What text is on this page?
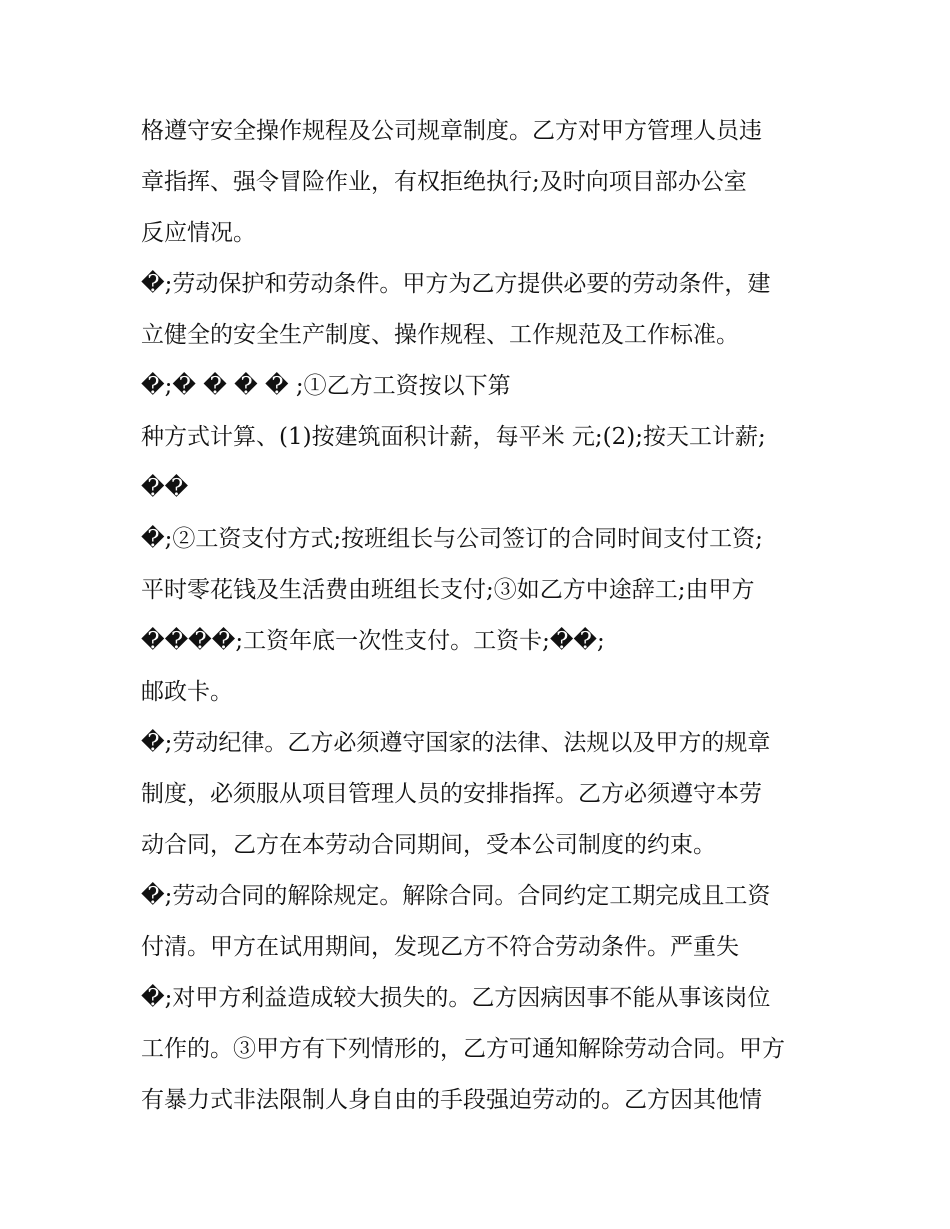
格遵守安全操作规程及公司规章制度。乙方对甲方管理人员违
章指挥、强令冒险作业，有权拒绝执行;及时向项目部办公室
反应情况。
�;劳动保护和劳动条件。甲方为乙方提供必要的劳动条件，建
立健全的安全生产制度、操作规程、工作规范及工作标准。
�;� � � � ;①乙方工资按以下第
种方式计算、(1)按建筑面积计薪，每平米 元;(2);按天工计薪;
��
�;②工资支付方式;按班组长与公司签订的合同时间支付工资;
平时零花钱及生活费由班组长支付;③如乙方中途辞工;由甲方
����;工资年底一次性支付。工资卡;��;
邮政卡。
�;劳动纪律。乙方必须遵守国家的法律、法规以及甲方的规章
制度，必须服从项目管理人员的安排指挥。乙方必须遵守本劳
动合同，乙方在本劳动合同期间，受本公司制度的约束。
�;劳动合同的解除规定。解除合同。合同约定工期完成且工资
付清。甲方在试用期间，发现乙方不符合劳动条件。严重失
�;对甲方利益造成较大损失的。乙方因病因事不能从事该岗位
工作的。③甲方有下列情形的，乙方可通知解除劳动合同。甲方
有暴力式非法限制人身自由的手段强迫劳动的。乙方因其他情
